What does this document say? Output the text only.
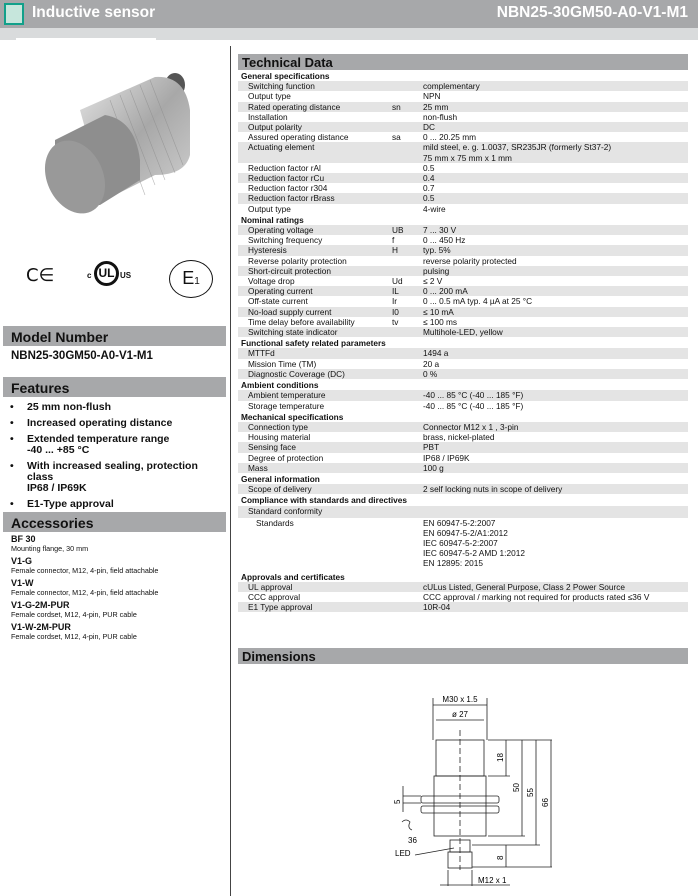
Inductive sensor	NBN25-30GM50-A0-V1-M1
C∈	c UL US	E1
Model Number
NBN25-30GM50-A0-V1-M1
Features
• 25 mm non-flush
• Increased operating distance
• Extended temperature range
-40 ... +85 °C
• With increased sealing, protection class
IP68 / IP69K
• E1-Type approval
Accessories
BF 30
Mounting flange, 30 mm
V1-G
Female connector, M12, 4-pin, field attachable
V1-W
Female connector, M12, 4-pin, field attachable
V1-G-2M-PUR
Female cordset, M12, 4-pin, PUR cable
V1-W-2M-PUR
Female cordset, M12, 4-pin, PUR cable
Technical Data
General specifications
Switching function	complementary
Output type	NPN
Rated operating distance	sn	25 mm
Installation	non-flush
Output polarity	DC
Assured operating distance	sa	0 ... 20.25 mm
Actuating element	mild steel, e. g. 1.0037, SR235JR (formerly St37-2)
75 mm x 75 mm x 1 mm
Reduction factor rAl	0.5
Reduction factor rCu	0.4
Reduction factor r304	0.7
Reduction factor rBrass	0.5
Output type	4-wire
Nominal ratings
Operating voltage	UB 7 ... 30 V
Switching frequency	f	0 ... 450 Hz
Hysteresis	H	typ. 5%
Reverse polarity protection	reverse polarity protected
Short-circuit protection	pulsing
Voltage drop	Ud ≤ 2 V
Operating current	IL	0 ... 200 mA
Off-state current	Ir	0 ... 0.5 mA typ. 4 µA at 25 °C
No-load supply current	I0	≤ 10 mA
Time delay before availability	tv	≤ 100 ms
Switching state indicator	Multihole-LED, yellow
Functional safety related parameters
MTTFd	1494 a
Mission Time (TM)	20 a
Diagnostic Coverage (DC)	0 %
Ambient conditions
Ambient temperature	-40 ... 85 °C (-40 ... 185 °F)
Storage temperature	-40 ... 85 °C (-40 ... 185 °F)
Mechanical specifications
Connection type	Connector M12 x 1 , 3-pin
Housing material	brass, nickel-plated
Sensing face	PBT
Degree of protection	IP68 / IP69K
Mass	100 g
General information
Scope of delivery	2 self locking nuts in scope of delivery
Compliance with standards and directives
Standard conformity
Standards	EN 60947-5-2:2007
EN 60947-5-2/A1:2012
IEC 60947-5-2:2007
IEC 60947-5-2 AMD 1:2012
EN 12895: 2015
Approvals and certificates
UL approval	cULus Listed, General Purpose, Class 2 Power Source
CCC approval	CCC approval / marking not required for products rated ≤36 V
E1 Type approval	10R-04
Dimensions
M30 x 1.5
ø 27
18
50
55
66
5
36
LED	8
M12 x 1
